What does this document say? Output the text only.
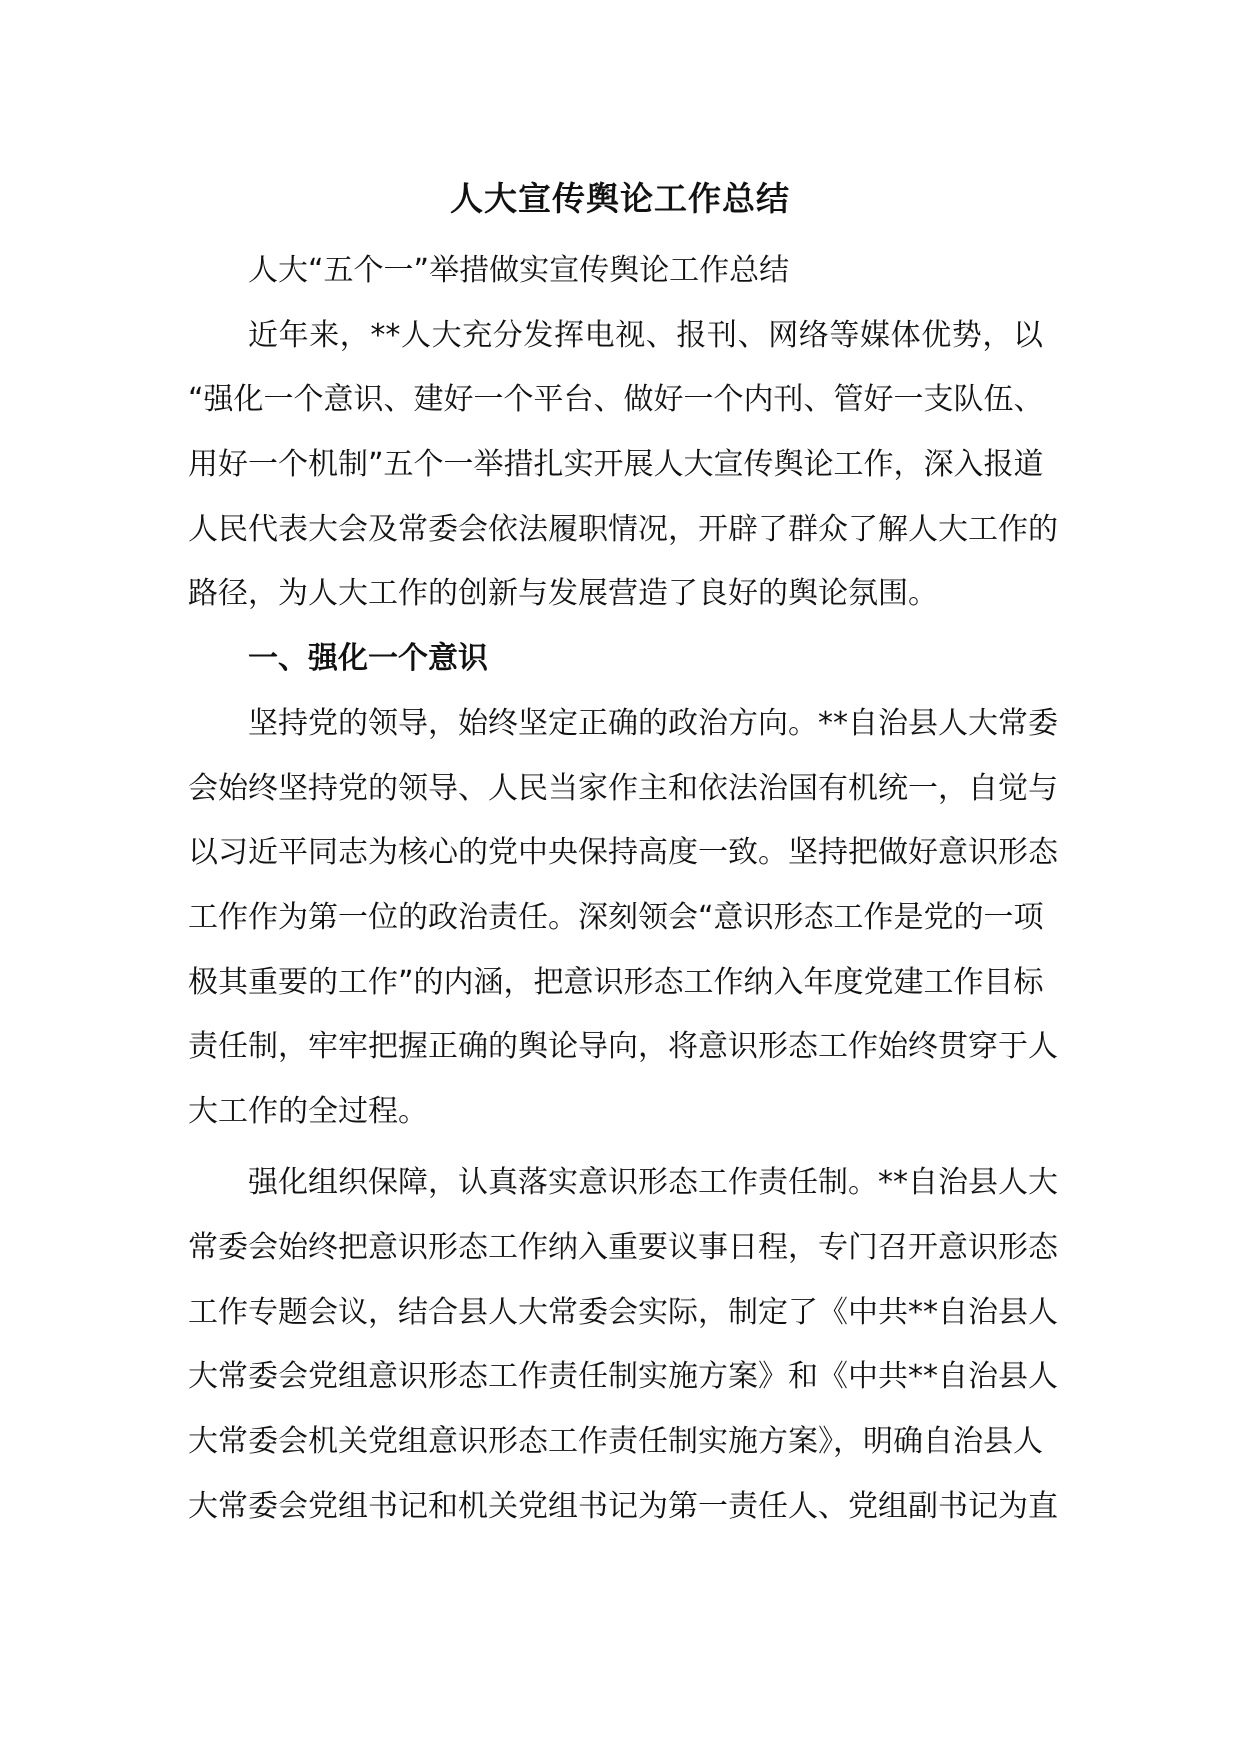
人大宣传舆论工作总结
人大“五个一”举措做实宣传舆论工作总结
近年来，**人大充分发挥电视、报刊、网络等媒体优势，以
“强化一个意识、建好一个平台、做好一个内刊、管好一支队伍、
用好一个机制”五个一举措扎实开展人大宣传舆论工作，深入报道
人民代表大会及常委会依法履职情况，开辟了群众了解人大工作的
路径，为人大工作的创新与发展营造了良好的舆论氛围。
一、强化一个意识
坚持党的领导，始终坚定正确的政治方向。**自治县人大常委
会始终坚持党的领导、人民当家作主和依法治国有机统一，自觉与
以习近平同志为核心的党中央保持高度一致。坚持把做好意识形态
工作作为第一位的政治责任。深刻领会“意识形态工作是党的一项
极其重要的工作”的内涵，把意识形态工作纳入年度党建工作目标
责任制，牢牢把握正确的舆论导向，将意识形态工作始终贯穿于人
大工作的全过程。
强化组织保障，认真落实意识形态工作责任制。**自治县人大
常委会始终把意识形态工作纳入重要议事日程，专门召开意识形态
工作专题会议，结合县人大常委会实际，制定了《中共**自治县人
大常委会党组意识形态工作责任制实施方案》和《中共**自治县人
大常委会机关党组意识形态工作责任制实施方案》，明确自治县人
大常委会党组书记和机关党组书记为第一责任人、党组副书记为直
